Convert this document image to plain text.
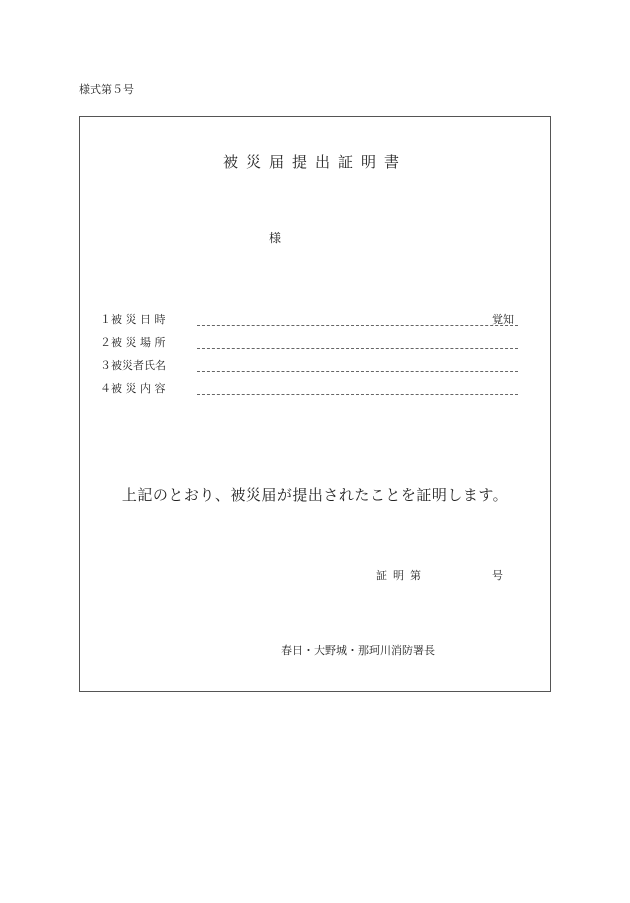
様式第５号
被災届提出証明書
様
１被 災 日 時	覚知
２被 災 場 所
３被災者氏名
４被 災 内 容
上記のとおり、被災届が提出されたことを証明します。
証明第	号
春日・大野城・那珂川消防署長
